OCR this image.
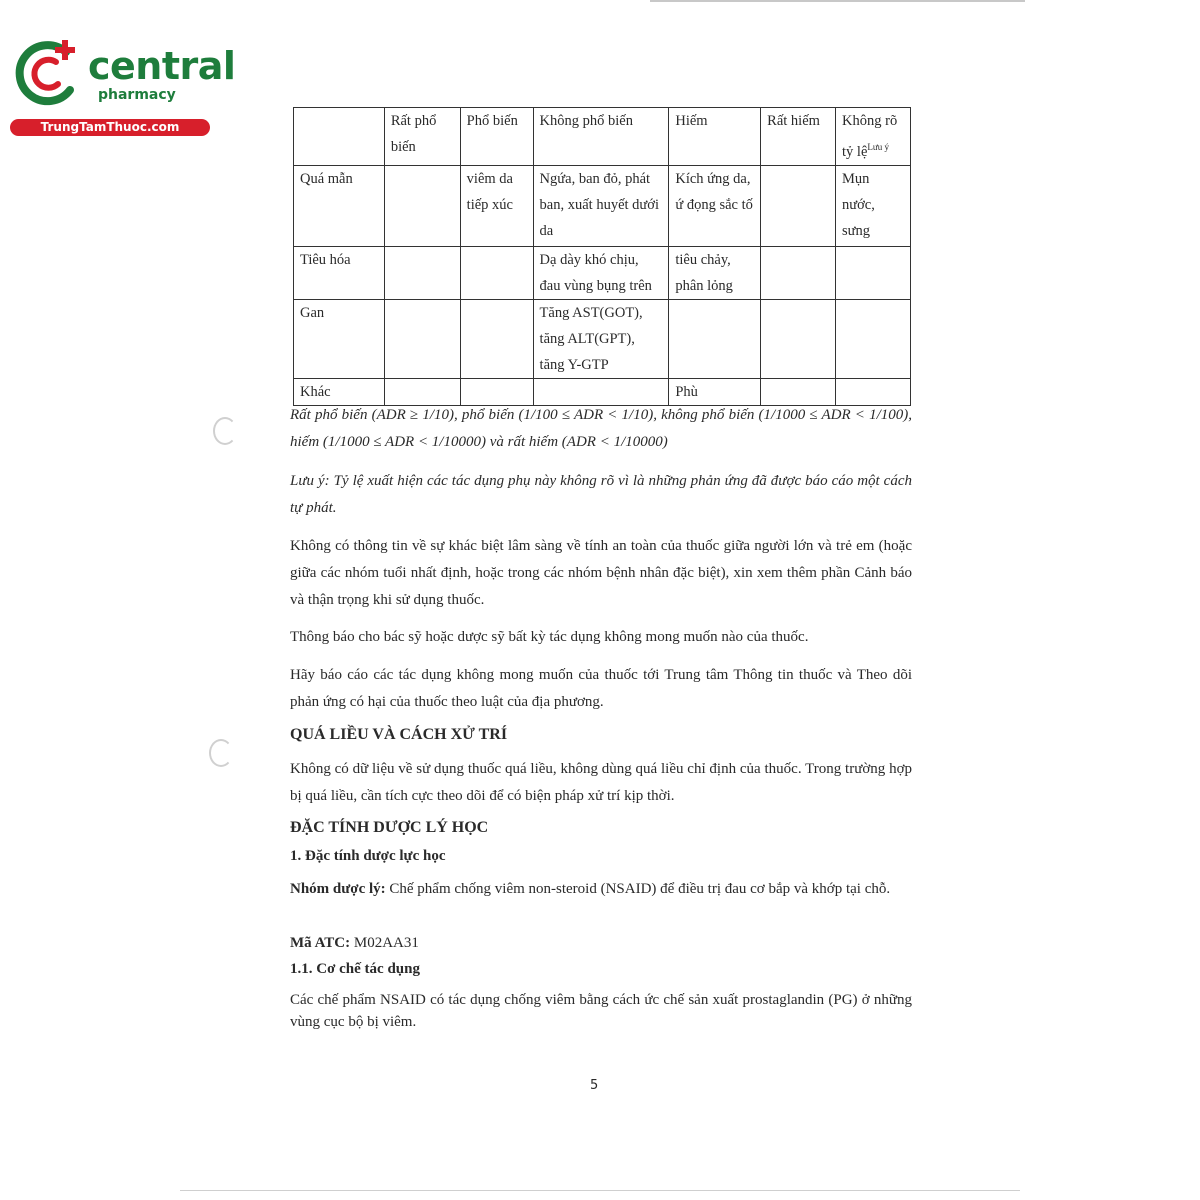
central
pharmacy
TrungTamThuoc.com
		Rất phổ biến	Phổ biến	Không phổ biến	Hiếm	Rất hiếm	Không rõ tỷ lệ$^{Lưu ý}$
Quá mẫn		viêm da tiếp xúc	Ngứa, ban đỏ, phát ban, xuất huyết dưới da	Kích ứng da, ứ đọng sắc tố		Mụn nước, sưng
Tiêu hóa			Dạ dày khó chịu, đau vùng bụng trên	tiêu chảy, phân lỏng		
Gan			Tăng AST(GOT), tăng ALT(GPT), tăng Y-GTP			
Khác				Phù		
Rất phổ biến (ADR ≥ 1/10), phổ biến (1/100 ≤ ADR < 1/10), không phổ biến (1/1000 ≤ ADR < 1/100), hiếm (1/1000 ≤ ADR < 1/10000) và rất hiếm (ADR < 1/10000)
Lưu ý: Tỷ lệ xuất hiện các tác dụng phụ này không rõ vì là những phản ứng đã được báo cáo một cách tự phát.
Không có thông tin về sự khác biệt lâm sàng về tính an toàn của thuốc giữa người lớn và trẻ em (hoặc giữa các nhóm tuổi nhất định, hoặc trong các nhóm bệnh nhân đặc biệt), xin xem thêm phần Cảnh báo và thận trọng khi sử dụng thuốc.
Thông báo cho bác sỹ hoặc dược sỹ bất kỳ tác dụng không mong muốn nào của thuốc.
Hãy báo cáo các tác dụng không mong muốn của thuốc tới Trung tâm Thông tin thuốc và Theo dõi phản ứng có hại của thuốc theo luật của địa phương.
QUÁ LIỀU VÀ CÁCH XỬ TRÍ
Không có dữ liệu về sử dụng thuốc quá liều, không dùng quá liều chỉ định của thuốc. Trong trường hợp bị quá liều, cần tích cực theo dõi để có biện pháp xử trí kịp thời.
ĐẶC TÍNH DƯỢC LÝ HỌC
1. Đặc tính dược lực học
Nhóm dược lý: Chế phẩm chống viêm non-steroid (NSAID) để điều trị đau cơ bắp và khớp tại chỗ.
Mã ATC: M02AA31
1.1. Cơ chế tác dụng
Các chế phẩm NSAID có tác dụng chống viêm bằng cách ức chế sản xuất prostaglandin (PG) ở những vùng cục bộ bị viêm.
5
